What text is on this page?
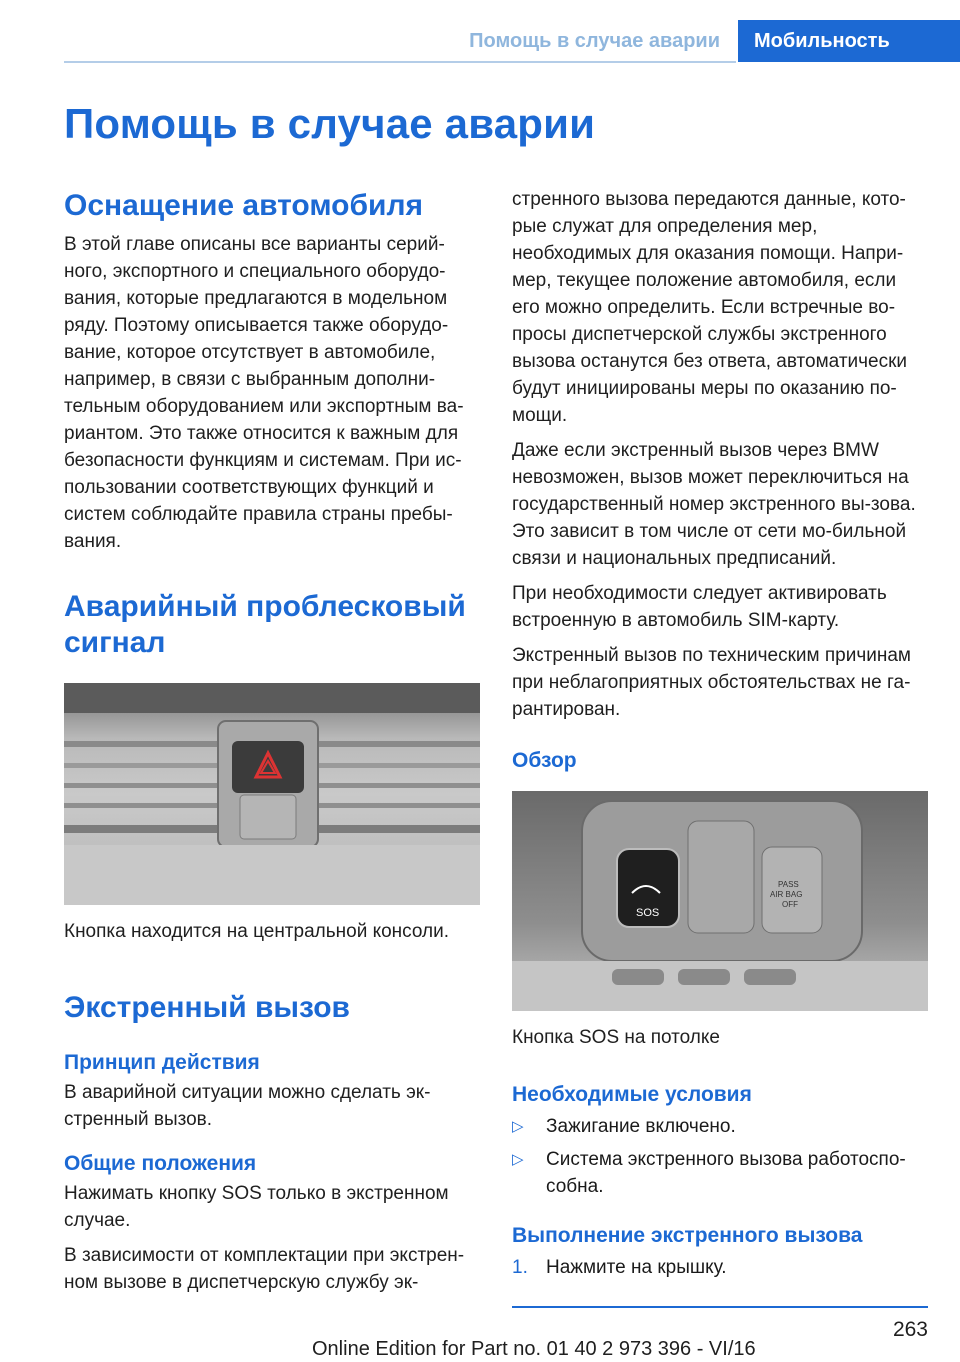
Помощь в случае аварии	Мобильность
Помощь в случае аварии
Оснащение автомобиля

В этой главе описаны все варианты серий-ного, экспортного и специального оборудо-вания, которые предлагаются в модельном ряду. Поэтому описывается также оборудо-вание, которое отсутствует в автомобиле, например, в связи с выбранным дополни-тельным оборудованием или экспортным ва-риантом. Это также относится к важным для безопасности функциям и системам. При ис-пользовании соответствующих функций и систем соблюдайте правила страны пребы-вания.

Аварийный проблесковый сигнал

Кнопка находится на центральной консоли.

Экстренный вызов
Принцип действия

В аварийной ситуации можно сделать эк-стренный вызов.

Общие положения

Нажимать кнопку SOS только в экстренном случае.

В зависимости от комплектации при экстрен-ном вызове в диспетчерскую службу эк-

стренного вызова передаются данные, кото-рые служат для определения мер, необходимых для оказания помощи. Напри-мер, текущее положение автомобиля, если его можно определить. Если встречные во-просы диспетчерской службы экстренного вызова останутся без ответа, автоматически будут инициированы меры по оказанию по-мощи.

Даже если экстренный вызов через BMW невозможен, вызов может переключиться на государственный номер экстренного вы-зова. Это зависит в том числе от сети мо-бильной связи и национальных предписаний.

При необходимости следует активировать встроенную в автомобиль SIM-карту.

Экстренный вызов по техническим причинам при неблагоприятных обстоятельствах не га-рантирован.

Обзор
SOS
PASS
AIR BAG
OFF

Кнопка SOS на потолке

Необходимые условия
▷ Зажигание включено.
▷ Система экстренного вызова работоспо-собна.
Выполнение экстренного вызова
1. Нажмите на крышку.
263
Online Edition for Part no. 01 40 2 973 396 - VI/16
